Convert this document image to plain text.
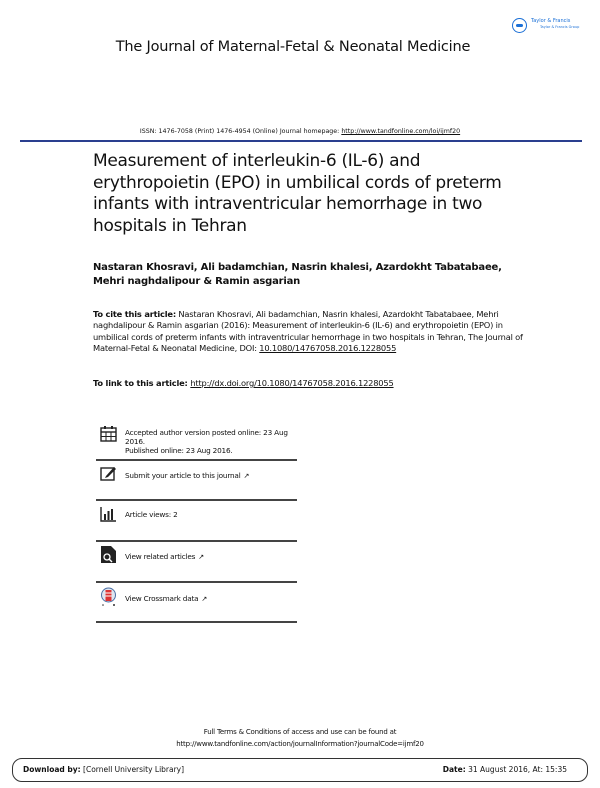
Taylor & Francis
Taylor & Francis Group
The Journal of Maternal-Fetal & Neonatal Medicine
ISSN: 1476-7058 (Print) 1476-4954 (Online) Journal homepage: http://www.tandfonline.com/loi/ijmf20
Measurement of interleukin-6 (IL-6) and erythropoietin (EPO) in umbilical cords of preterm infants with intraventricular hemorrhage in two hospitals in Tehran
Nastaran Khosravi, Ali badamchian, Nasrin khalesi, Azardokht Tabatabaee, Mehri naghdalipour & Ramin asgarian
To cite this article: Nastaran Khosravi, Ali badamchian, Nasrin khalesi, Azardokht Tabatabaee, Mehri naghdalipour & Ramin asgarian (2016): Measurement of interleukin-6 (IL-6) and erythropoietin (EPO) in umbilical cords of preterm infants with intraventricular hemorrhage in two hospitals in Tehran, The Journal of Maternal-Fetal & Neonatal Medicine, DOI: 10.1080/14767058.2016.1228055
To link to this article: http://dx.doi.org/10.1080/14767058.2016.1228055
Accepted author version posted online: 23 Aug 2016.
Published online: 23 Aug 2016.
Submit your article to this journal ↗
Article views: 2
View related articles ↗
View Crossmark data ↗
Full Terms & Conditions of access and use can be found at
http://www.tandfonline.com/action/journalInformation?journalCode=ijmf20
Download by: [Cornell University Library]	Date: 31 August 2016, At: 15:35
